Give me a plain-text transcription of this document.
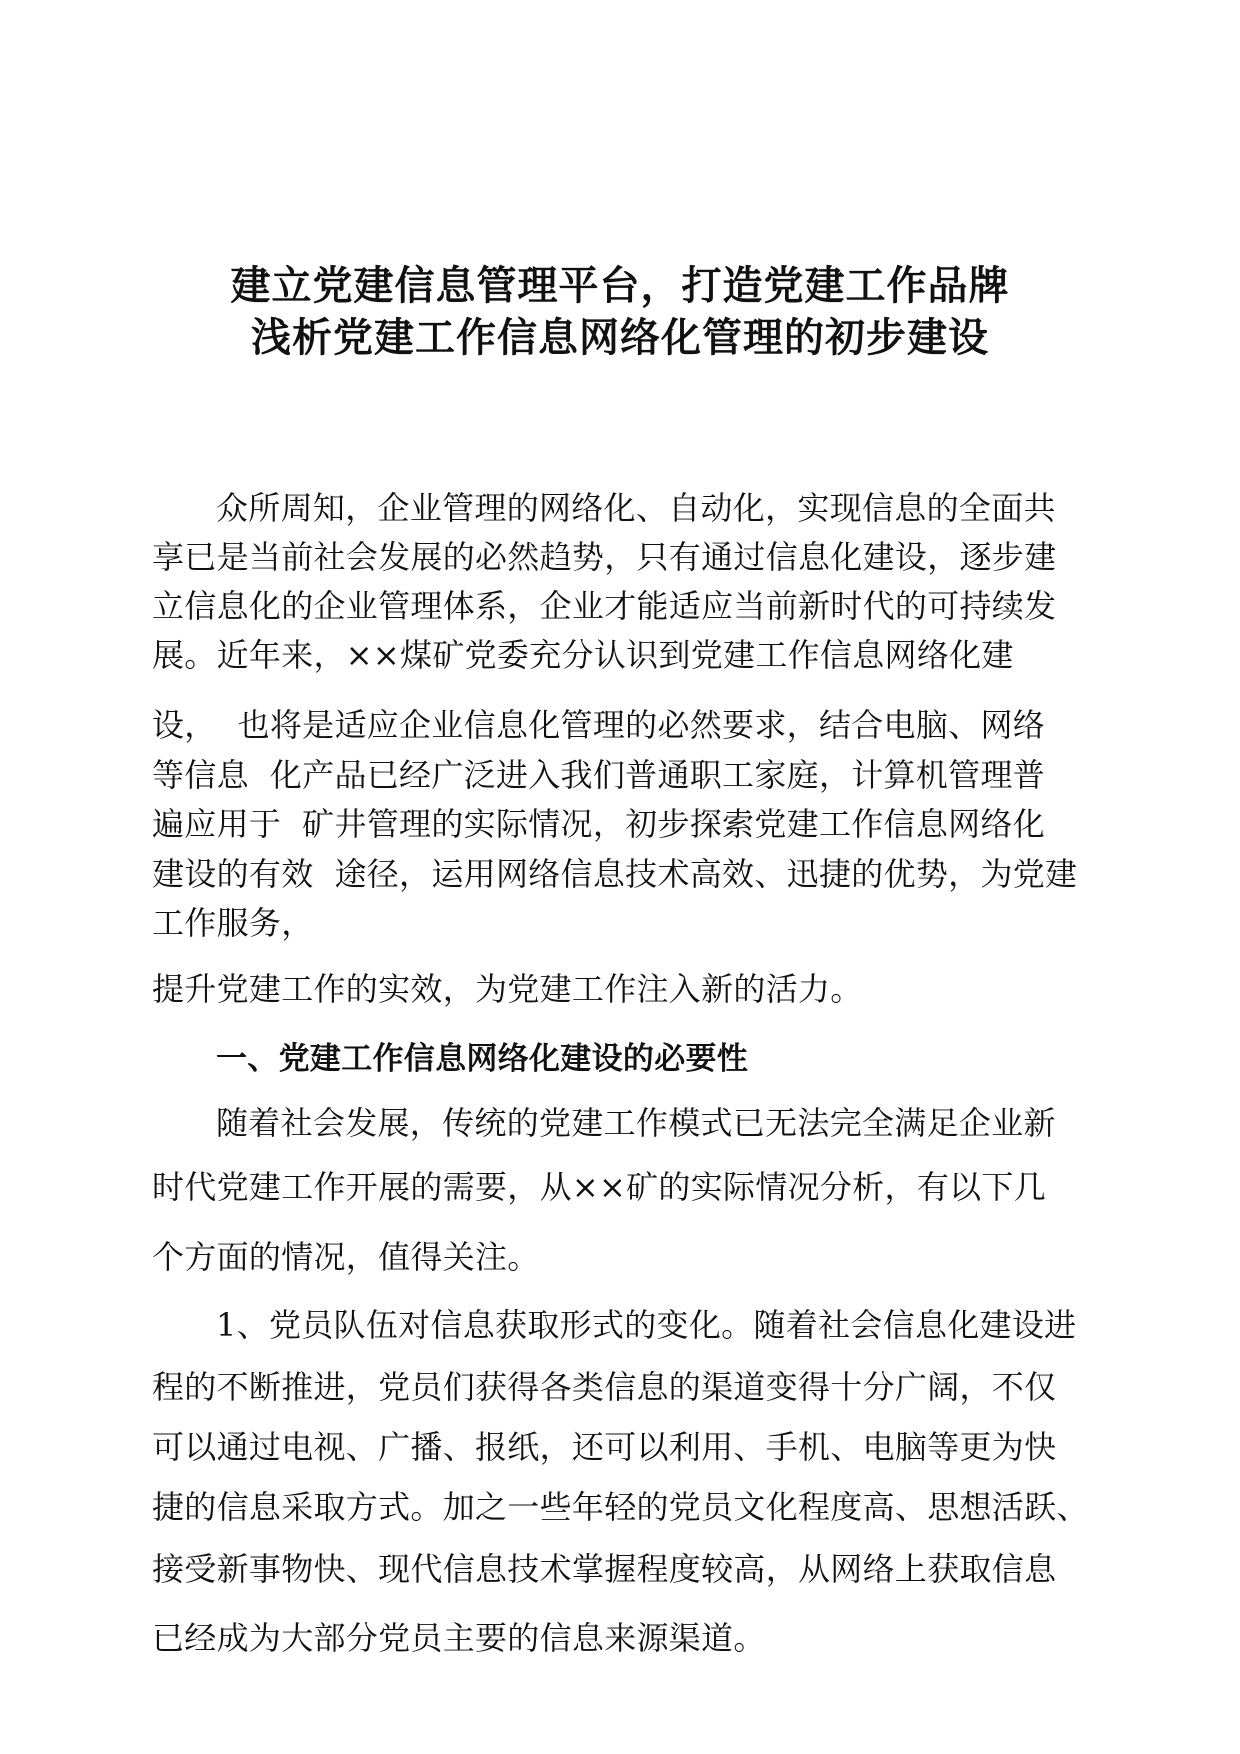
建立党建信息管理平台，打造党建工作品牌
浅析党建工作信息网络化管理的初步建设
众所周知，企业管理的网络化、自动化，实现信息的全面共
享已是当前社会发展的必然趋势，只有通过信息化建设，逐步建
立信息化的企业管理体系，企业才能适应当前新时代的可持续发
展。近年来，××煤矿党委充分认识到党建工作信息网络化建
设，  也将是适应企业信息化管理的必然要求，结合电脑、网络
等信息  化产品已经广泛进入我们普通职工家庭，计算机管理普
遍应用于  矿井管理的实际情况，初步探索党建工作信息网络化
建设的有效  途径，运用网络信息技术高效、迅捷的优势，为党建
工作服务，
提升党建工作的实效，为党建工作注入新的活力。
一、党建工作信息网络化建设的必要性
随着社会发展，传统的党建工作模式已无法完全满足企业新
时代党建工作开展的需要，从××矿的实际情况分析，有以下几
个方面的情况，值得关注。
1、党员队伍对信息获取形式的变化。随着社会信息化建设进
程的不断推进，党员们获得各类信息的渠道变得十分广阔，不仅
可以通过电视、广播、报纸，还可以利用、手机、电脑等更为快
捷的信息采取方式。加之一些年轻的党员文化程度高、思想活跃、
接受新事物快、现代信息技术掌握程度较高，从网络上获取信息
已经成为大部分党员主要的信息来源渠道。
